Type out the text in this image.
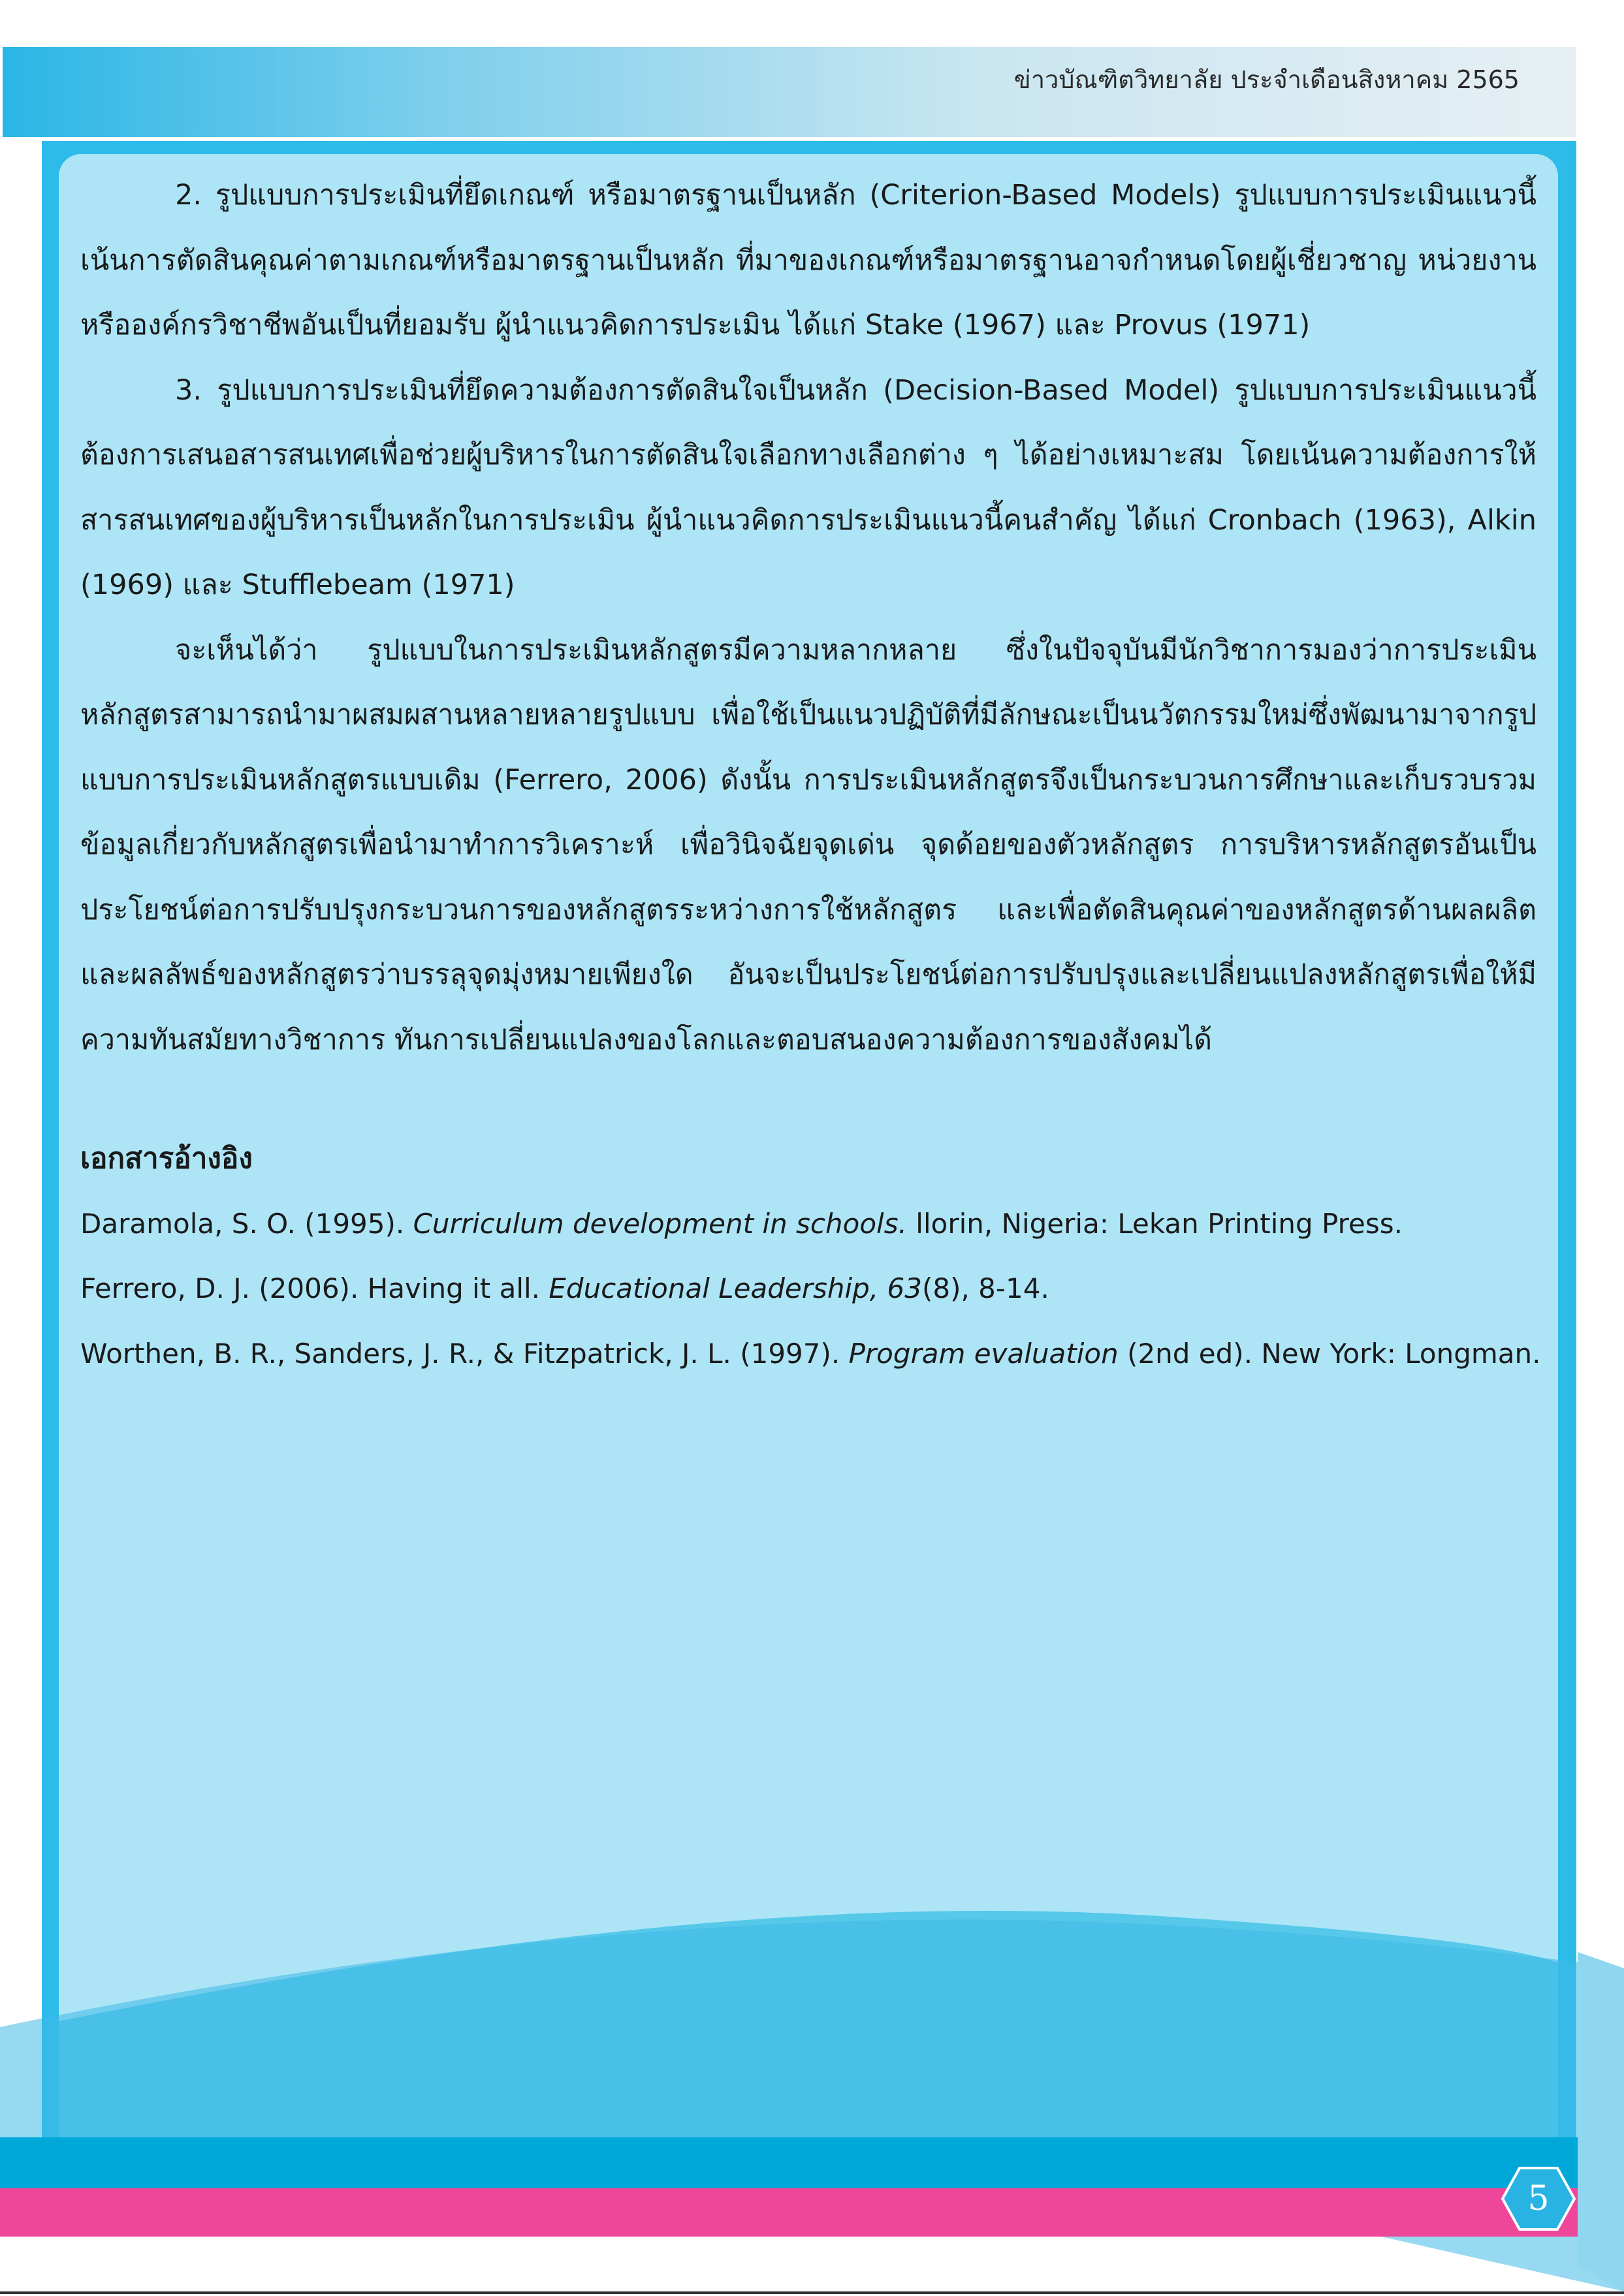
ข่าวบัณฑิตวิทยาลัย ประจำเดือนสิงหาคม 2565

2. รูปแบบการประเมินที่ยึดเกณฑ์ หรือมาตรฐานเป็นหลัก (Criterion-Based Models) รูปแบบการประเมินแนวนี้เน้นการตัดสินคุณค่าตามเกณฑ์หรือมาตรฐานเป็นหลัก ที่มาของเกณฑ์หรือมาตรฐานอาจกำหนดโดยผู้เชี่ยวชาญ หน่วยงานหรือองค์กรวิชาชีพอันเป็นที่ยอมรับ ผู้นำแนวคิดการประเมิน ได้แก่ Stake (1967) และ Provus (1971)

3. รูปแบบการประเมินที่ยึดความต้องการตัดสินใจเป็นหลัก (Decision-Based Model) รูปแบบการประเมินแนวนี้ต้องการเสนอสารสนเทศเพื่อช่วยผู้บริหารในการตัดสินใจเลือกทางเลือกต่าง ๆ ได้อย่างเหมาะสม โดยเน้นความต้องการให้สารสนเทศของผู้บริหารเป็นหลักในการประเมิน ผู้นำแนวคิดการประเมินแนวนี้คนสำคัญ ได้แก่ Cronbach (1963), Alkin (1969) และ Stufflebeam (1971)

จะเห็นได้ว่า รูปแบบในการประเมินหลักสูตรมีความหลากหลาย ซึ่งในปัจจุบันมีนักวิชาการมองว่าการประเมินหลักสูตรสามารถนำมาผสมผสานหลายหลายรูปแบบ เพื่อใช้เป็นแนวปฏิบัติที่มีลักษณะเป็นนวัตกรรมใหม่ซึ่งพัฒนามาจากรูปแบบการประเมินหลักสูตรแบบเดิม (Ferrero, 2006) ดังนั้น การประเมินหลักสูตรจึงเป็นกระบวนการศึกษาและเก็บรวบรวมข้อมูลเกี่ยวกับหลักสูตรเพื่อนำมาทำการวิเคราะห์ เพื่อวินิจฉัยจุดเด่น จุดด้อยของตัวหลักสูตร การบริหารหลักสูตรอันเป็นประโยชน์ต่อการปรับปรุงกระบวนการของหลักสูตรระหว่างการใช้หลักสูตร และเพื่อตัดสินคุณค่าของหลักสูตรด้านผลผลิตและผลลัพธ์ของหลักสูตรว่าบรรลุจุดมุ่งหมายเพียงใด อันจะเป็นประโยชน์ต่อการปรับปรุงและเปลี่ยนแปลงหลักสูตรเพื่อให้มีความทันสมัยทางวิชาการ ทันการเปลี่ยนแปลงของโลกและตอบสนองความต้องการของสังคมได้

เอกสารอ้างอิง

Daramola, S. O. (1995). Curriculum development in schools. llorin, Nigeria: Lekan Printing Press.

Ferrero, D. J. (2006). Having it all. Educational Leadership, 63(8), 8-14.

Worthen, B. R., Sanders, J. R., & Fitzpatrick, J. L. (1997). Program evaluation (2nd ed). New York: Longman.

5
